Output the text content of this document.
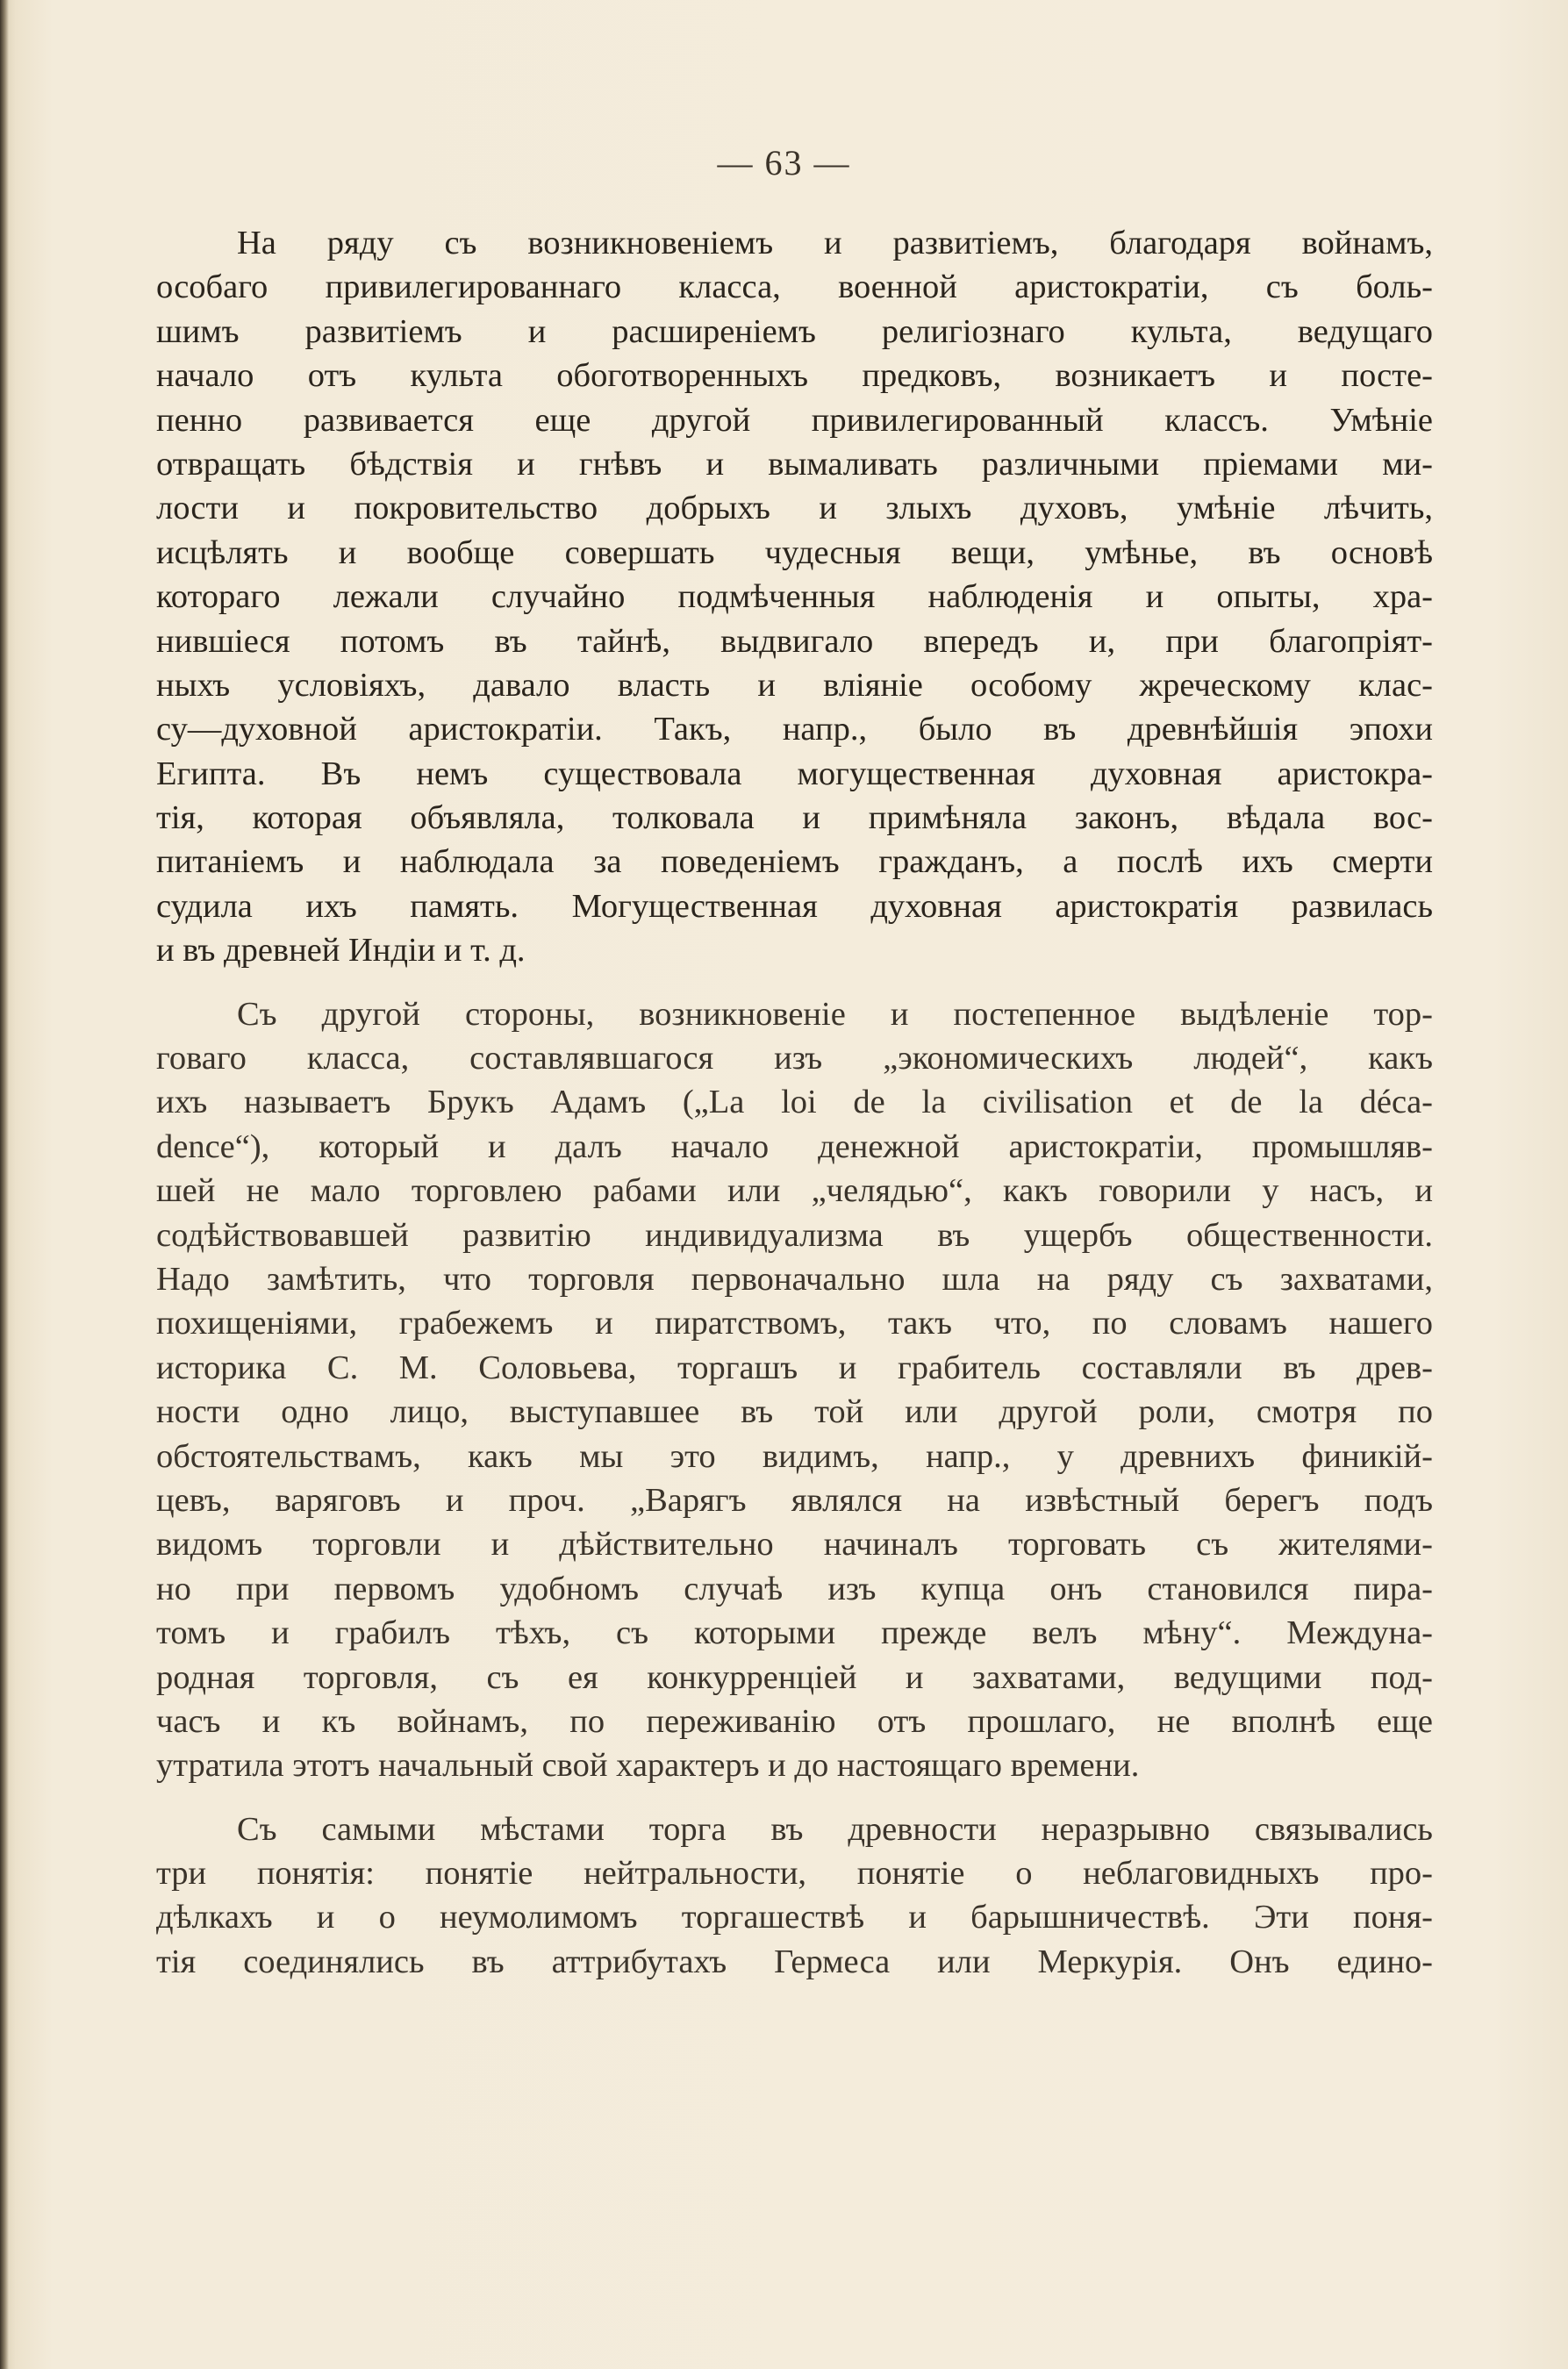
— 63 —
На ряду съ возникновеніемъ и развитіемъ, благодаря войнамъ,
особаго привилегированнаго класса, военной аристократіи, съ боль-
шимъ развитіемъ и расширеніемъ религіознаго культа, ведущаго
начало отъ культа обоготворенныхъ предковъ, возникаетъ и посте-
пенно развивается еще другой привилегированный классъ. Умѣніе
отвращать бѣдствія и гнѣвъ и вымаливать различными пріемами ми-
лости и покровительство добрыхъ и злыхъ духовъ, умѣніе лѣчить,
исцѣлять и вообще совершать чудесныя вещи, умѣнье, въ основѣ
котораго лежали случайно подмѣченныя наблюденія и опыты, хра-
нившіеся потомъ въ тайнѣ, выдвигало впередъ и, при благопріят-
ныхъ условіяхъ, давало власть и вліяніе особому жреческому клас-
су—духовной аристократіи. Такъ, напр., было въ древнѣйшія эпохи
Египта. Въ немъ существовала могущественная духовная аристокра-
тія, которая объявляла, толковала и примѣняла законъ, вѣдала вос-
питаніемъ и наблюдала за поведеніемъ гражданъ, а послѣ ихъ смерти
судила ихъ память. Могущественная духовная аристократія развилась
и въ древней Индіи и т. д.
Съ другой стороны, возникновеніе и постепенное выдѣленіе тор-
говаго класса, составлявшагося изъ „экономическихъ людей“, какъ
ихъ называетъ Брукъ Адамъ („La loi de la civilisation et de la déca-
dence“), который и далъ начало денежной аристократіи, промышляв-
шей не мало торговлею рабами или „челядью“, какъ говорили у насъ, и
содѣйствовавшей развитію индивидуализма въ ущербъ общественности.
Надо замѣтить, что торговля первоначально шла на ряду съ захватами,
похищеніями, грабежемъ и пиратствомъ, такъ что, по словамъ нашего
историка С. М. Соловьева, торгашъ и грабитель составляли въ древ-
ности одно лицо, выступавшее въ той или другой роли, смотря по
обстоятельствамъ, какъ мы это видимъ, напр., у древнихъ финикій-
цевъ, варяговъ и проч. „Варягъ являлся на извѣстный берегъ подъ
видомъ торговли и дѣйствительно начиналъ торговать съ жителями-
но при первомъ удобномъ случаѣ изъ купца онъ становился пира-
томъ и грабилъ тѣхъ, съ которыми прежде велъ мѣну“. Междуна-
родная торговля, съ ея конкурренціей и захватами, ведущими под-
часъ и къ войнамъ, по переживанію отъ прошлаго, не вполнѣ еще
утратила этотъ начальный свой характеръ и до настоящаго времени.
Съ самыми мѣстами торга въ древности неразрывно связывались
три понятія: понятіе нейтральности, понятіе о неблаговидныхъ про-
дѣлкахъ и о неумолимомъ торгашествѣ и барышничествѣ. Эти поня-
тія соединялись въ аттрибутахъ Гермеса или Меркурія. Онъ едино-
